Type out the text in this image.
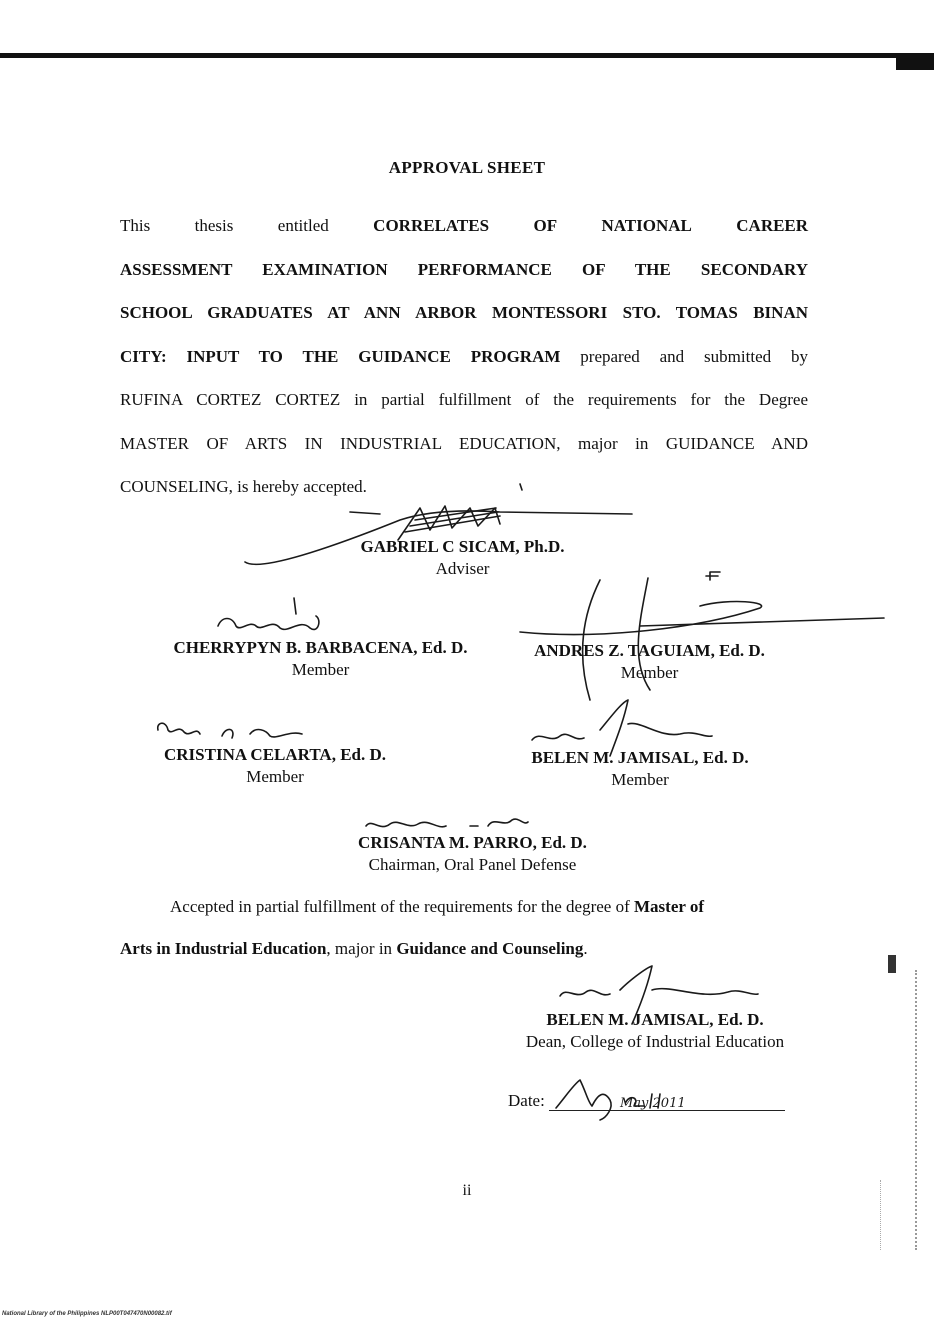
APPROVAL SHEET
This	thesis	entitled	CORRELATES	OF	NATIONAL	CAREER
ASSESSMENT EXAMINATION PERFORMANCE OF THE SECONDARY
SCHOOL GRADUATES AT ANN ARBOR MONTESSORI STO. TOMAS BINAN
CITY: INPUT TO THE GUIDANCE PROGRAM prepared and submitted by
RUFINA CORTEZ CORTEZ in partial fulfillment of the requirements for the Degree
MASTER OF ARTS IN INDUSTRIAL EDUCATION, major in GUIDANCE AND
COUNSELING, is hereby accepted.
GABRIEL C SICAM, Ph.D.
Adviser
CHERRYPYN B. BARBACENA, Ed. D.
Member
ANDRES Z. TAGUIAM, Ed. D.
Member
CRISTINA CELARTA, Ed. D.
Member
BELEN M. JAMISAL, Ed. D.
Member
CRISANTA M. PARRO, Ed. D.
Chairman, Oral Panel Defense
Accepted in partial fulfillment of the requirements for the degree of Master of
Arts in Industrial Education, major in Guidance and Counseling.
BELEN M. JAMISAL, Ed. D.
Dean, College of Industrial Education
Date:
ii
National Library of the Philippines NLP00T047470N00082.tif
May 2011
